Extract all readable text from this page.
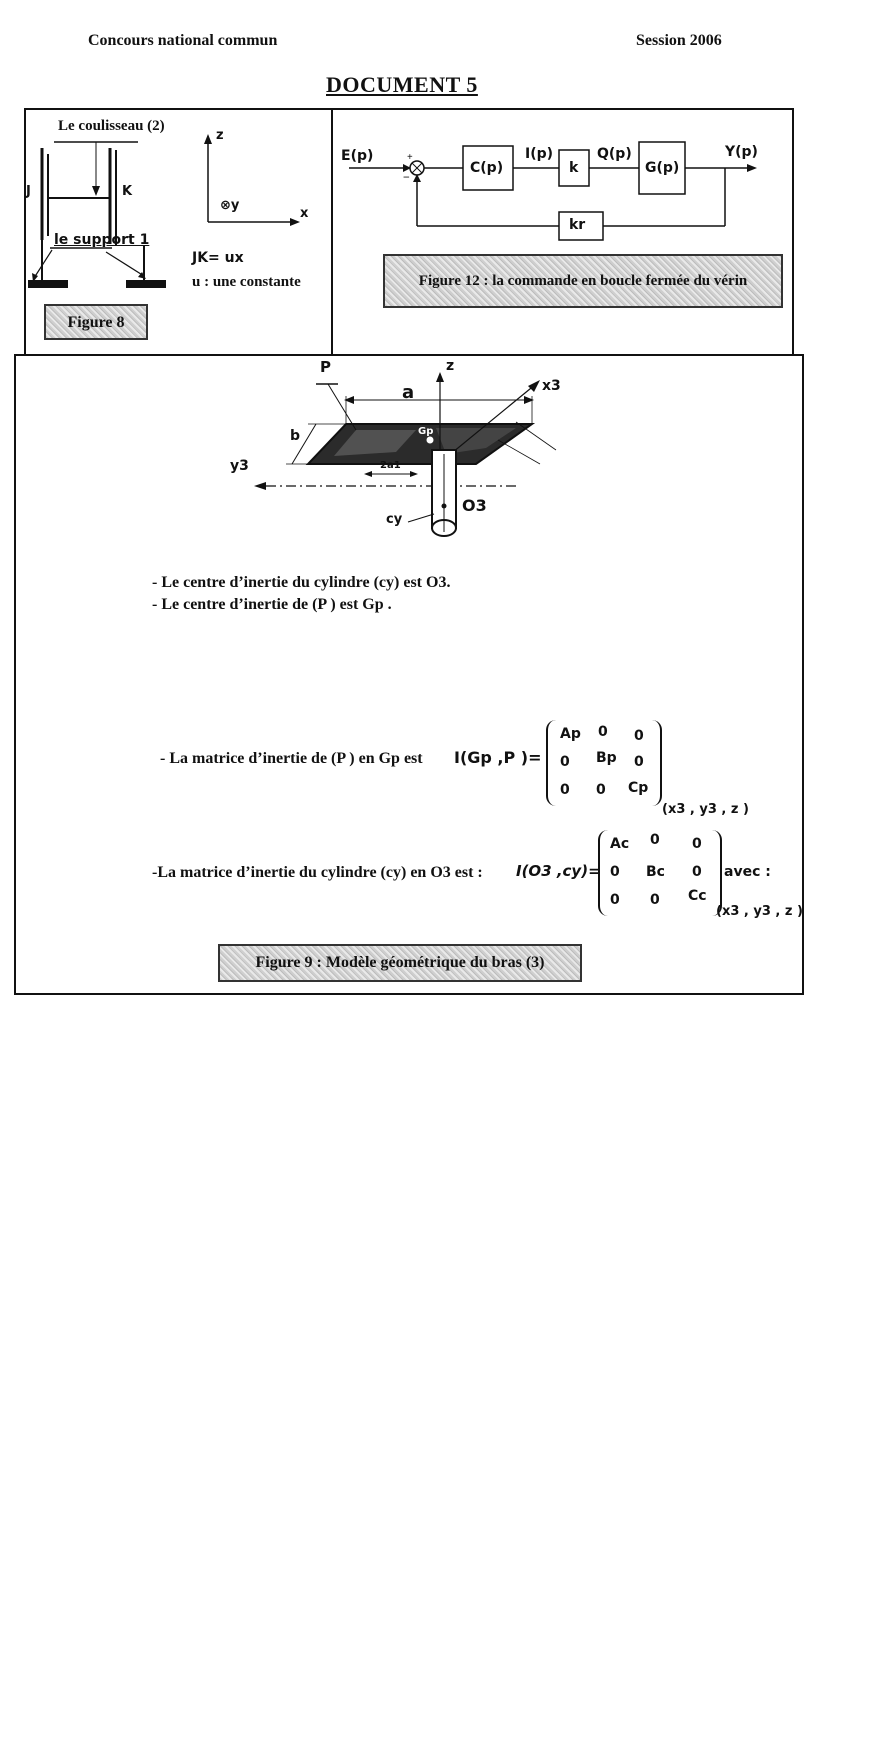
Concours national commun	Session 2006
DOCUMENT 5
Le coulisseau (2)
J	K
le support 1
z
x
⊗y
JK= ux
u : une constante
Figure 8
E(p)	+
−
C(p)
I(p)
k
Q(p)
G(p)
Y(p)
kr
Figure 12 : la commande en boucle fermée du vérin
P
a
b
z
x3
y3
O3
cy
Gp
2a1
- Le centre d’inertie du cylindre (cy) est O3.
- Le centre d’inertie de (P ) est Gp .
- La matrice d’inertie de (P ) en Gp est I(Gp ,P )=
Ap 0 0
0 Bp 0
0 0 Cp
(x3 , y3 , z )
-La matrice d’inertie du cylindre (cy) en O3 est : I(O3 ,cy)=
Ac 0 0
0 Bc 0
0 0 Cc
avec :
(x3 , y3 , z )
Figure 9 : Modèle géométrique du bras (3)
